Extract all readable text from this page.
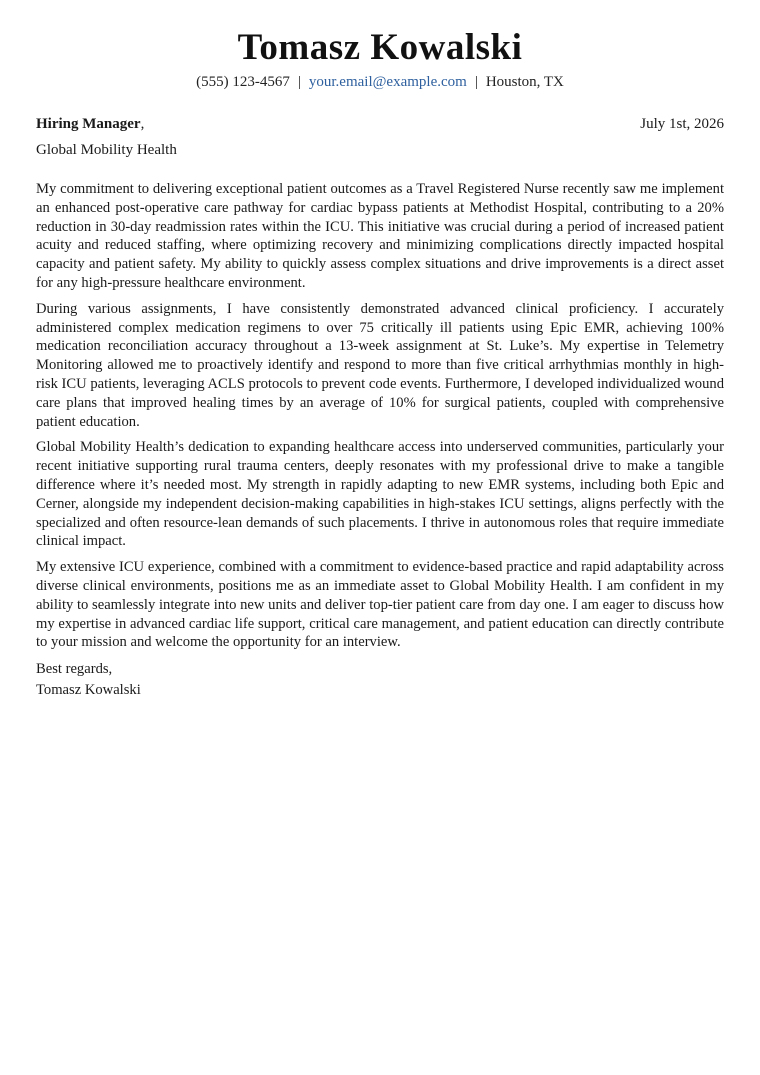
Tomasz Kowalski
(555) 123-4567 | your.email@example.com | Houston, TX
Hiring Manager,	July 1st, 2026
Global Mobility Health

My commitment to delivering exceptional patient outcomes as a Travel Registered Nurse recently saw me implement an enhanced post-operative care pathway for cardiac bypass patients at Methodist Hospital, contributing to a 20% reduction in 30-day readmission rates within the ICU. This initiative was crucial during a period of increased patient acuity and reduced staffing, where optimizing recovery and minimizing complications directly impacted hospital capacity and patient safety. My ability to quickly assess complex situations and drive improvements is a direct asset for any high-pressure healthcare environment.

During various assignments, I have consistently demonstrated advanced clinical proficiency. I accurately administered complex medication regimens to over 75 critically ill patients using Epic EMR, achieving 100% medication reconciliation accuracy throughout a 13-week assignment at St. Luke’s. My expertise in Telemetry Monitoring allowed me to proactively identify and respond to more than five critical arrhythmias monthly in high-risk ICU patients, leveraging ACLS protocols to prevent code events. Furthermore, I developed individualized wound care plans that improved healing times by an average of 10% for surgical patients, coupled with comprehensive patient education.

Global Mobility Health’s dedication to expanding healthcare access into underserved communities, particularly your recent initiative supporting rural trauma centers, deeply resonates with my professional drive to make a tangible difference where it’s needed most. My strength in rapidly adapting to new EMR systems, including both Epic and Cerner, alongside my independent decision-making capabilities in high-stakes ICU settings, aligns perfectly with the specialized and often resource-lean demands of such placements. I thrive in autonomous roles that require immediate clinical impact.

My extensive ICU experience, combined with a commitment to evidence-based practice and rapid adaptability across diverse clinical environments, positions me as an immediate asset to Global Mobility Health. I am confident in my ability to seamlessly integrate into new units and deliver top-tier patient care from day one. I am eager to discuss how my expertise in advanced cardiac life support, critical care management, and patient education can directly contribute to your mission and welcome the opportunity for an interview.

Best regards,
Tomasz Kowalski
